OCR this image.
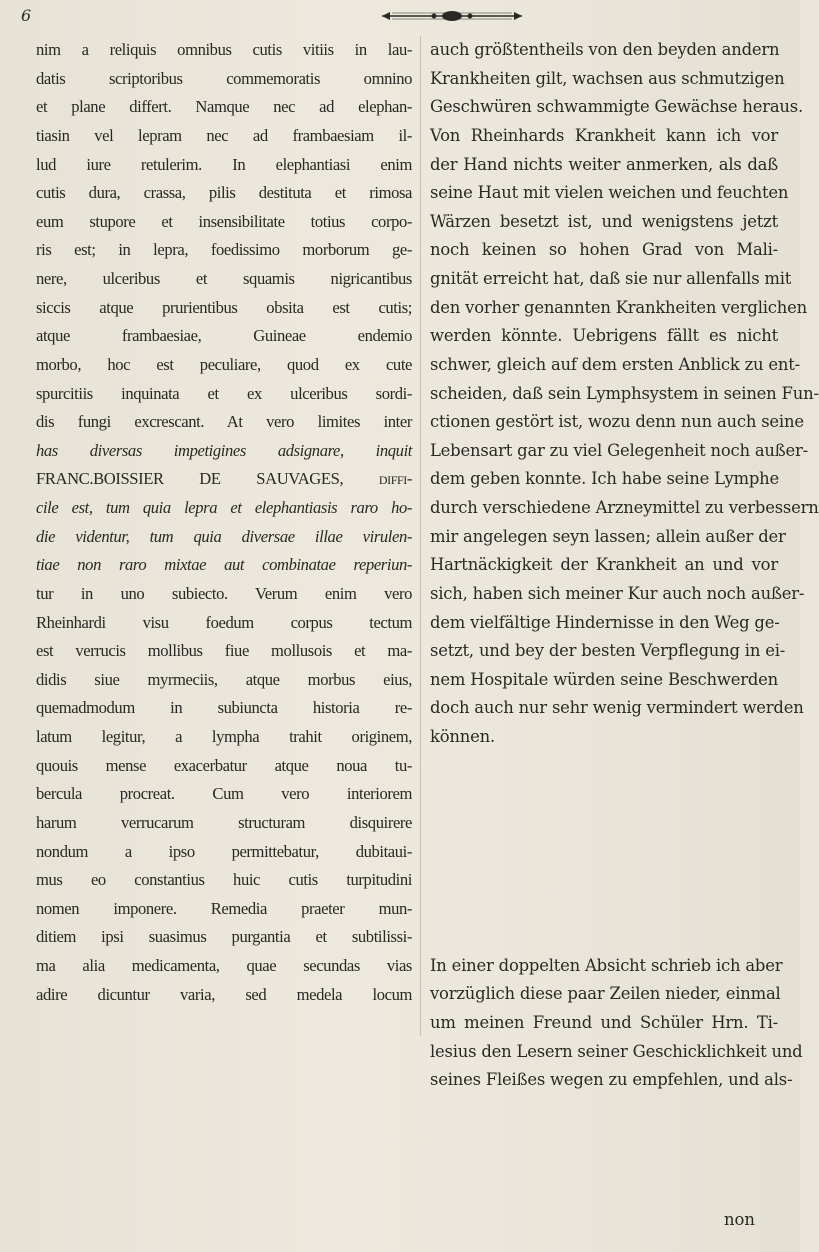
6
nim a reliquis omnibus cutis vitiis in lau-
datis scriptoribus commemoratis omnino
et plane differt. Namque nec ad elephan-
tiasin vel lepram nec ad frambaesiam il-
lud iure retulerim. In elephantiasi enim
cutis dura, crassa, pilis destituta et rimosa
eum stupore et insensibilitate totius corpo-
ris est; in lepra, foedissimo morborum ge-
nere, ulceribus et squamis nigricantibus
siccis atque prurientibus obsita est cutis;
atque frambaesiae, Guineae endemio
morbo, hoc est peculiare, quod ex cute
spurcitiis inquinata et ex ulceribus sordi-
dis fungi excrescant. At vero limites inter
has diversas impetigines adsignare, inquit
FRANC.BOISSIER DE SAUVAGES, diffi-
cile est, tum quia lepra et elephantiasis raro ho-
die videntur, tum quia diversae illae virulen-
tiae non raro mixtae aut combinatae reperiun-
tur in uno subiecto. Verum enim vero
Rheinhardi visu foedum corpus tectum
est verrucis mollibus fiue mollusois et ma-
didis siue myrmeciis, atque morbus eius,
quemadmodum in subiuncta historia re-
latum legitur, a lympha trahit originem,
quouis mense exacerbatur atque noua tu-
bercula procreat. Cum vero interiorem
harum verrucarum structuram disquirere
nondum a ipso permittebatur, dubitaui-
mus eo constantius huic cutis turpitudini
nomen imponere. Remedia praeter mun-
ditiem ipsi suasimus purgantia et subtilissi-
ma alia medicamenta, quae secundas vias
adire dicuntur varia, sed medela locum
auch größtentheils von den beyden andern
Krankheiten gilt, wachsen aus schmutzigen
Geschwüren schwammigte Gewächse heraus.
Von Rheinhards Krankheit kann ich vor
der Hand nichts weiter anmerken, als daß
seine Haut mit vielen weichen und feuchten
Wärzen besetzt ist, und wenigstens jetzt
noch keinen so hohen Grad von Mali-
gnität erreicht hat, daß sie nur allenfalls mit
den vorher genannten Krankheiten verglichen
werden könnte. Uebrigens fällt es nicht
schwer, gleich auf dem ersten Anblick zu ent-
scheiden, daß sein Lymphsystem in seinen Fun-
ctionen gestört ist, wozu denn nun auch seine
Lebensart gar zu viel Gelegenheit noch außer-
dem geben konnte. Ich habe seine Lymphe
durch verschiedene Arzneymittel zu verbessern
mir angelegen seyn lassen; allein außer der
Hartnäckigkeit der Krankheit an und vor
sich, haben sich meiner Kur auch noch außer-
dem vielfältige Hindernisse in den Weg ge-
setzt, und bey der besten Verpflegung in ei-
nem Hospitale würden seine Beschwerden
doch auch nur sehr wenig vermindert werden
können.
In einer doppelten Absicht schrieb ich aber
vorzüglich diese paar Zeilen nieder, einmal
um meinen Freund und Schüler Hrn. Ti-
lesius den Lesern seiner Geschicklichkeit und
seines Fleißes wegen zu empfehlen, und als-
non
